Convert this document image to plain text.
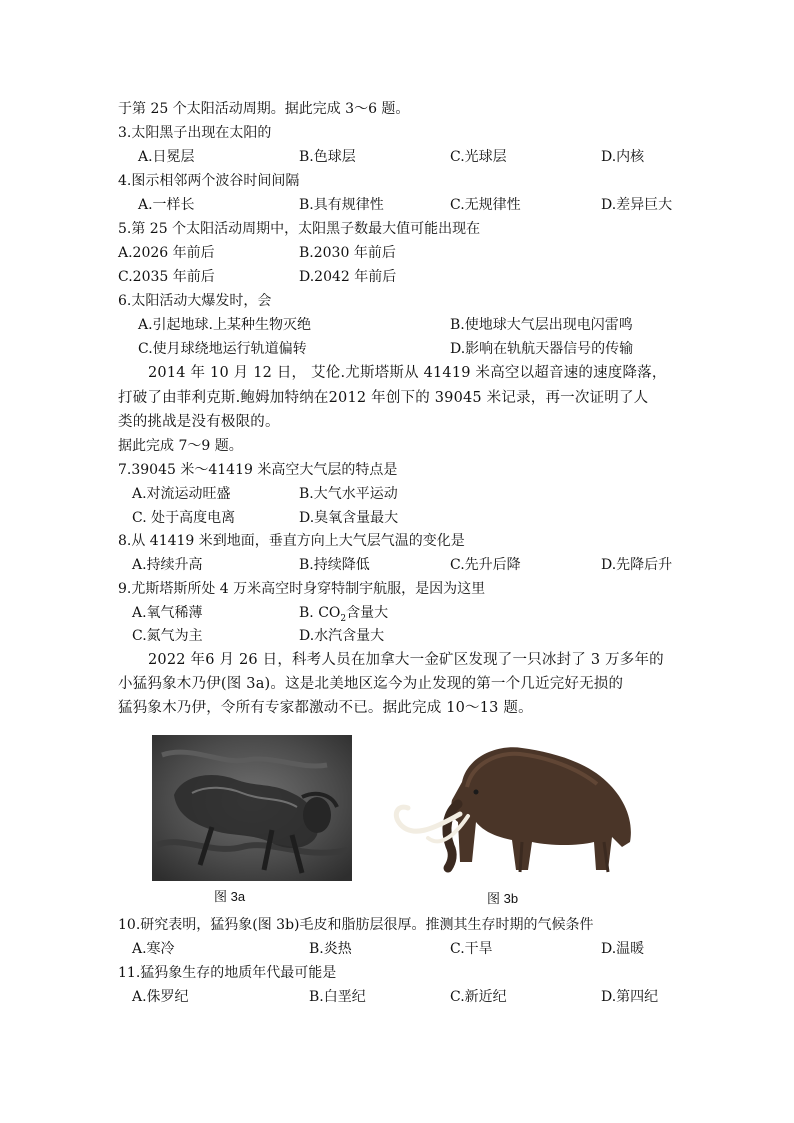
于第 25 个太阳活动周期。据此完成 3～6 题。
3.太阳黑子出现在太阳的
A.日冕层	B.色球层	C.光球层	D.内核
4.图示相邻两个波谷时间间隔
A.一样长	B.具有规律性	C.无规律性	D.差异巨大
5.第 25 个太阳活动周期中，太阳黑子数最大值可能出现在
A.2026 年前后	B.2030 年前后
C.2035 年前后	D.2042 年前后
6.太阳活动大爆发时，会
A.引起地球.上某种生物灭绝	B.使地球大气层出现电闪雷鸣
C.使月球绕地运行轨道偏转	D.影响在轨航天器信号的传输
2014 年 10 月 12 日， 艾伦.尤斯塔斯从 41419 米高空以超音速的速度降落，
打破了由菲利克斯.鲍姆加特纳在2012 年创下的 39045 米记录，再一次证明了人
类的挑战是没有极限的。
据此完成 7～9 题。
7.39045 米～41419 米高空大气层的特点是
A.对流运动旺盛	B.大气水平运动
C. 处于高度电离	D.臭氧含量最大
8.从 41419 米到地面，垂直方向上大气层气温的变化是
A.持续升高	B.持续降低	C.先升后降	D.先降后升
9.尤斯塔斯所处 4 万米高空时身穿特制宇航服，是因为这里
A.氧气稀薄	B. $CO_2$含量大
C.氮气为主	D.水汽含量大
2022 年6 月 26 日，科考人员在加拿大一金矿区发现了一只冰封了 3 万多年的
小猛犸象木乃伊(图 3a)。这是北美地区迄今为止发现的第一个几近完好无损的
猛犸象木乃伊，令所有专家都激动不已。据此完成 10～13 题。
图 3a	图 3b
10.研究表明，猛犸象(图 3b)毛皮和脂肪层很厚。推测其生存时期的气候条件
A.寒冷	B.炎热	C.干旱	D.温暖
11.猛犸象生存的地质年代最可能是
A.侏罗纪	B.白垩纪	C.新近纪	D.第四纪
